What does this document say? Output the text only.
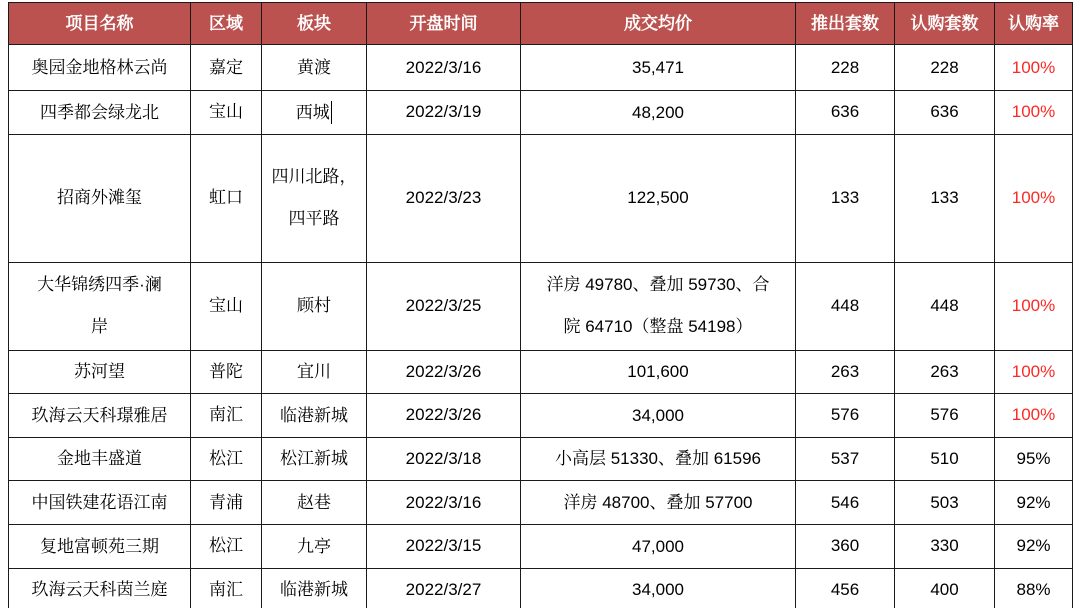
项目名称	区域	板块	开盘时间	成交均价	推出套数	认购套数	认购率
奥园金地格林云尚	嘉定	黄渡	2022/3/16	35,471	228	228	100%
四季都会绿龙北	宝山	西城	2022/3/19	48,200	636	636	100%
招商外滩玺	虹口	四川北路，四平路	2022/3/23	122,500	133	133	100%
大华锦绣四季·澜岸	宝山	顾村	2022/3/25	洋房 49780、叠加 59730、合院 64710（整盘 54198）	448	448	100%
苏河望	普陀	宜川	2022/3/26	101,600	263	263	100%
玖海云天科璟雅居	南汇	临港新城	2022/3/26	34,000	576	576	100%
金地丰盛道	松江	松江新城	2022/3/18	小高层 51330、叠加 61596	537	510	95%
中国铁建花语江南	青浦	赵巷	2022/3/16	洋房 48700、叠加 57700	546	503	92%
复地富顿苑三期	松江	九亭	2022/3/15	47,000	360	330	92%
玖海云天科茵兰庭	南汇	临港新城	2022/3/27	34,000	456	400	88%
